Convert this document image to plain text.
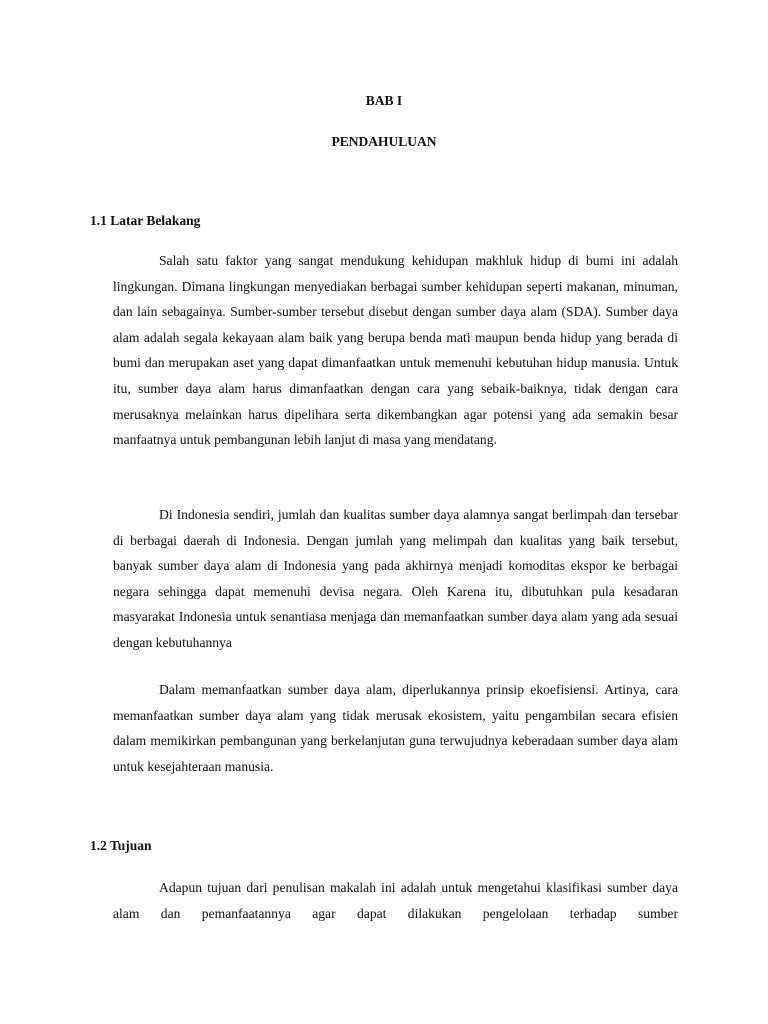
BAB I
PENDAHULUAN
1.1 Latar Belakang

Salah satu faktor yang sangat mendukung kehidupan makhluk hidup di bumi ini adalah lingkungan. Dimana lingkungan menyediakan berbagai sumber kehidupan seperti makanan, minuman, dan lain sebagainya. Sumber-sumber tersebut disebut dengan sumber daya alam (SDA). Sumber daya alam adalah segala kekayaan alam baik yang berupa benda mati maupun benda hidup yang berada di bumi dan merupakan aset yang dapat dimanfaatkan untuk memenuhi kebutuhan hidup manusia. Untuk itu, sumber daya alam harus dimanfaatkan dengan cara yang sebaik-baiknya, tidak dengan cara merusaknya melainkan harus dipelihara serta dikembangkan agar potensi yang ada semakin besar manfaatnya untuk pembangunan lebih lanjut di masa yang mendatang.

Di Indonesia sendiri, jumlah dan kualitas sumber daya alamnya sangat berlimpah dan tersebar di berbagai daerah di Indonesia. Dengan jumlah yang melimpah dan kualitas yang baik tersebut, banyak sumber daya alam di Indonesia yang pada akhirnya menjadi komoditas ekspor ke berbagai negara sehingga dapat memenuhi devisa negara. Oleh Karena itu, dibutuhkan pula kesadaran masyarakat Indonesia untuk senantiasa menjaga dan memanfaatkan sumber daya alam yang ada sesuai dengan kebutuhannya

Dalam memanfaatkan sumber daya alam, diperlukannya prinsip ekoefisiensi. Artinya, cara memanfaatkan sumber daya alam yang tidak merusak ekosistem, yaitu pengambilan secara efisien dalam memikirkan pembangunan yang berkelanjutan guna terwujudnya keberadaan sumber daya alam untuk kesejahteraan manusia.

1.2 Tujuan

Adapun tujuan dari penulisan makalah ini adalah untuk mengetahui klasifikasi sumber daya alam dan pemanfaatannya agar dapat dilakukan pengelolaan terhadap sumber
